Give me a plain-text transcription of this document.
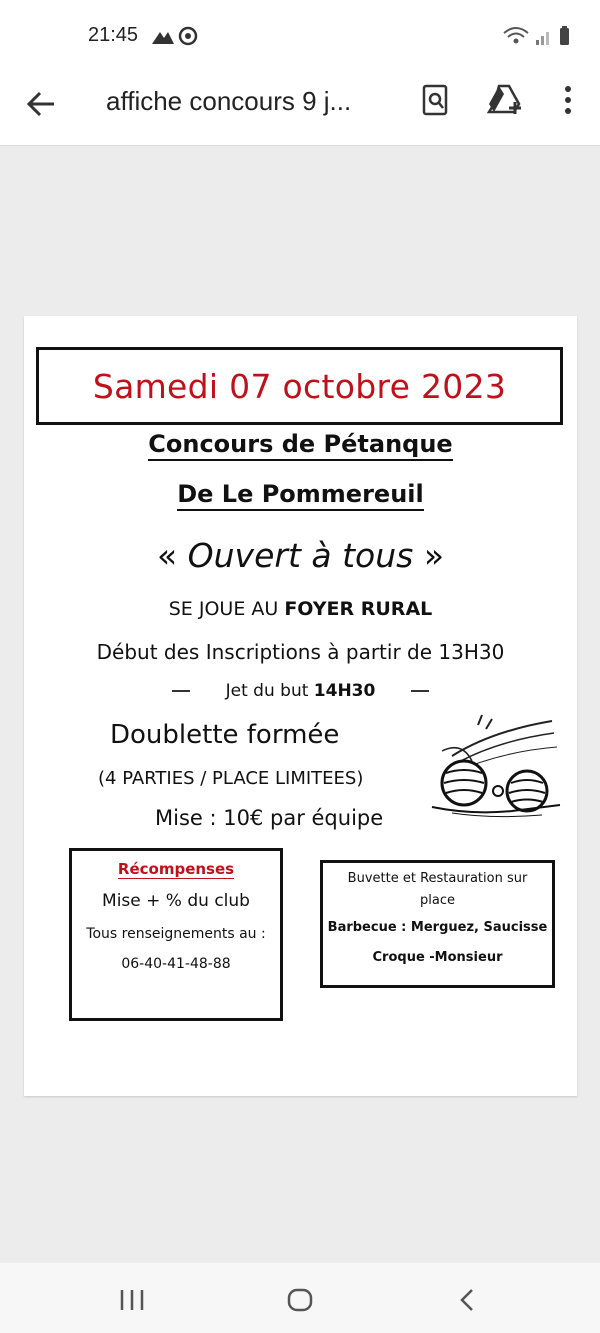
21:45
affiche concours 9 j...
Samedi 07 octobre 2023
Concours de Pétanque
De Le Pommereuil
« Ouvert à tous »
SE JOUE AU FOYER RURAL
Début des Inscriptions à partir de 13H30
Jet du but 14H30
Doublette formée
(4 PARTIES / PLACE LIMITEES)
Mise : 10€ par équipe
Récompenses
Mise + % du club
Tous renseignements au :
06-40-41-48-88
Buvette et Restauration sur
place
Barbecue : Merguez, Saucisse
Croque -Monsieur
